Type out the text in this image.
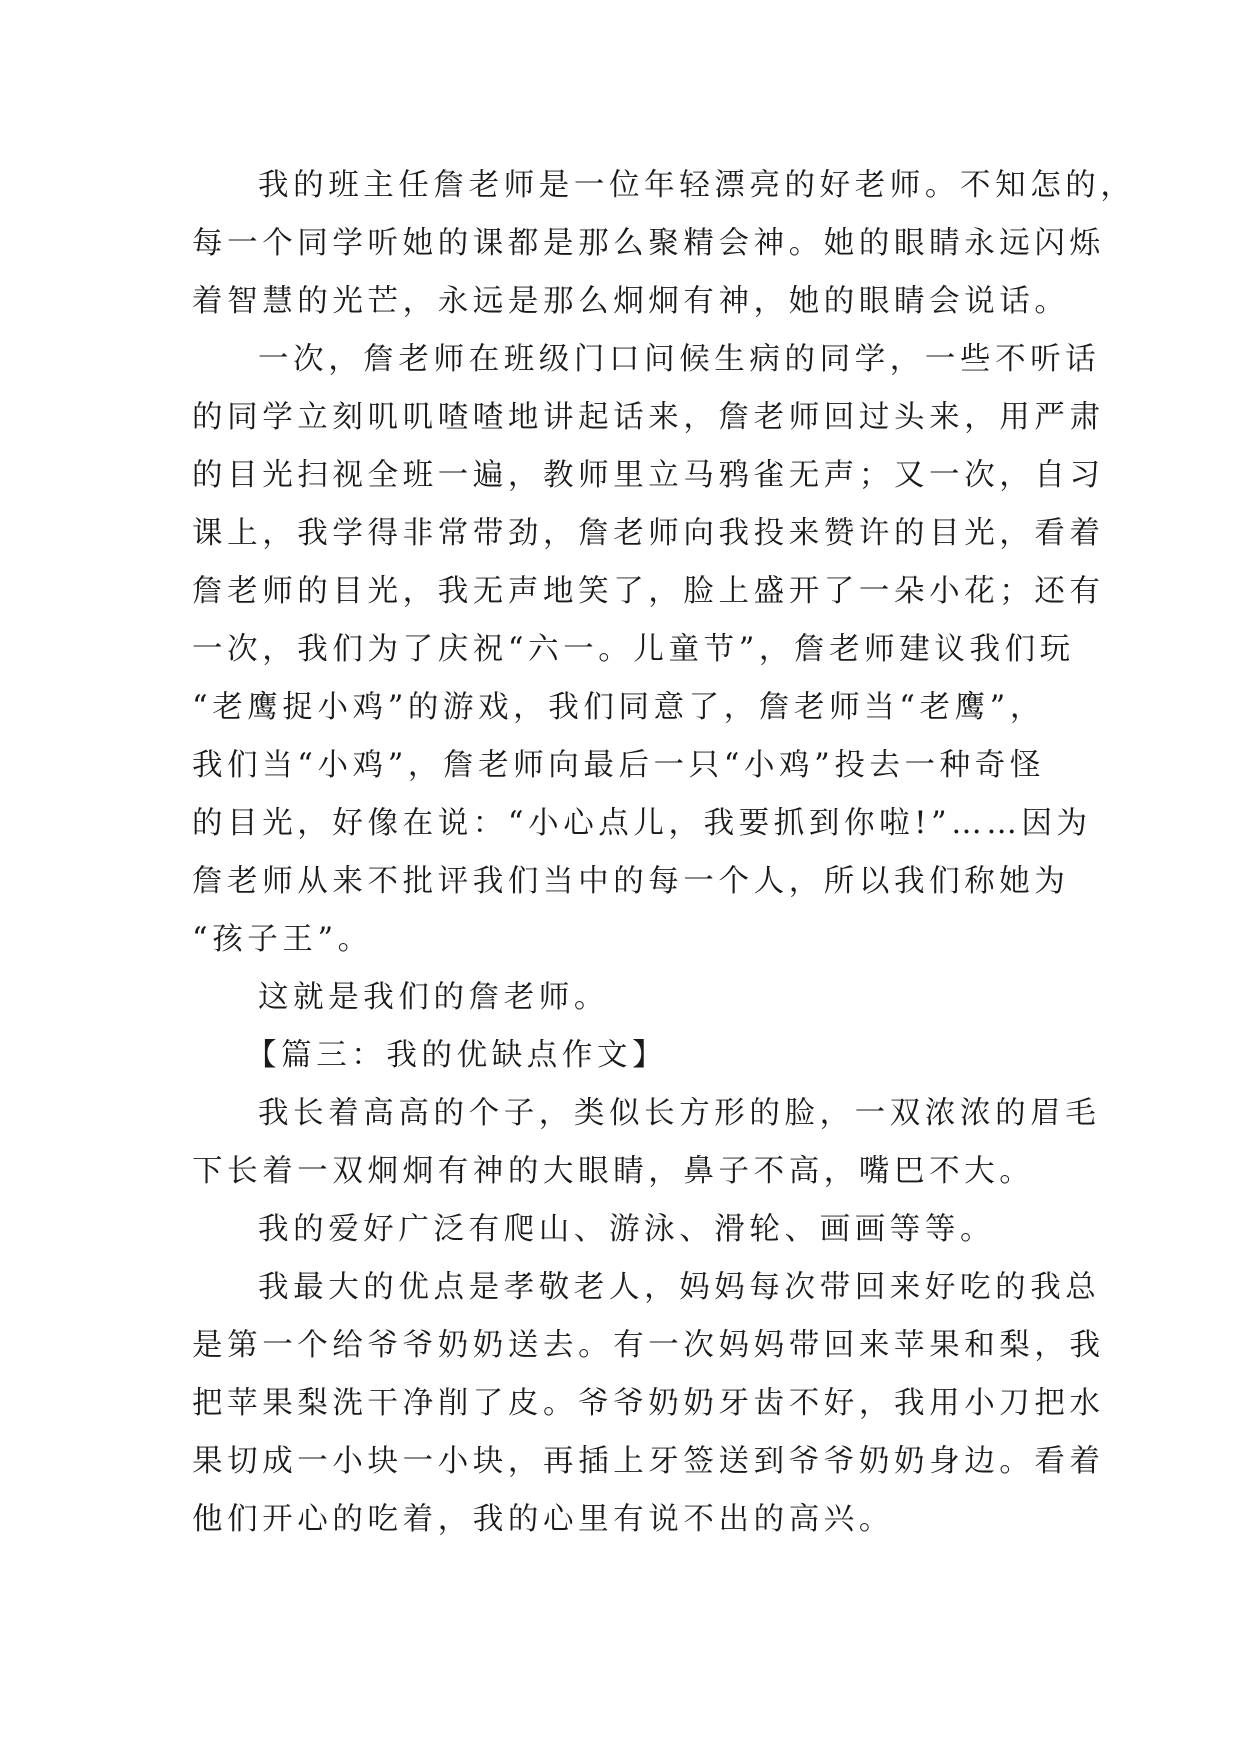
我的班主任詹老师是一位年轻漂亮的好老师。不知怎的，
每一个同学听她的课都是那么聚精会神。她的眼睛永远闪烁
着智慧的光芒，永远是那么炯炯有神，她的眼睛会说话。
一次，詹老师在班级门口问候生病的同学，一些不听话
的同学立刻叽叽喳喳地讲起话来，詹老师回过头来，用严肃
的目光扫视全班一遍，教师里立马鸦雀无声；又一次，自习
课上，我学得非常带劲，詹老师向我投来赞许的目光，看着
詹老师的目光，我无声地笑了，脸上盛开了一朵小花；还有
一次，我们为了庆祝“六一。儿童节”，詹老师建议我们玩
“老鹰捉小鸡”的游戏，我们同意了，詹老师当“老鹰”，
我们当“小鸡”，詹老师向最后一只“小鸡”投去一种奇怪
的目光，好像在说：“小心点儿，我要抓到你啦!”……因为
詹老师从来不批评我们当中的每一个人，所以我们称她为
“孩子王”。
这就是我们的詹老师。
【篇三：我的优缺点作文】
我长着高高的个子，类似长方形的脸，一双浓浓的眉毛
下长着一双炯炯有神的大眼睛，鼻子不高，嘴巴不大。
我的爱好广泛有爬山、游泳、滑轮、画画等等。
我最大的优点是孝敬老人，妈妈每次带回来好吃的我总
是第一个给爷爷奶奶送去。有一次妈妈带回来苹果和梨，我
把苹果梨洗干净削了皮。爷爷奶奶牙齿不好，我用小刀把水
果切成一小块一小块，再插上牙签送到爷爷奶奶身边。看着
他们开心的吃着，我的心里有说不出的高兴。
